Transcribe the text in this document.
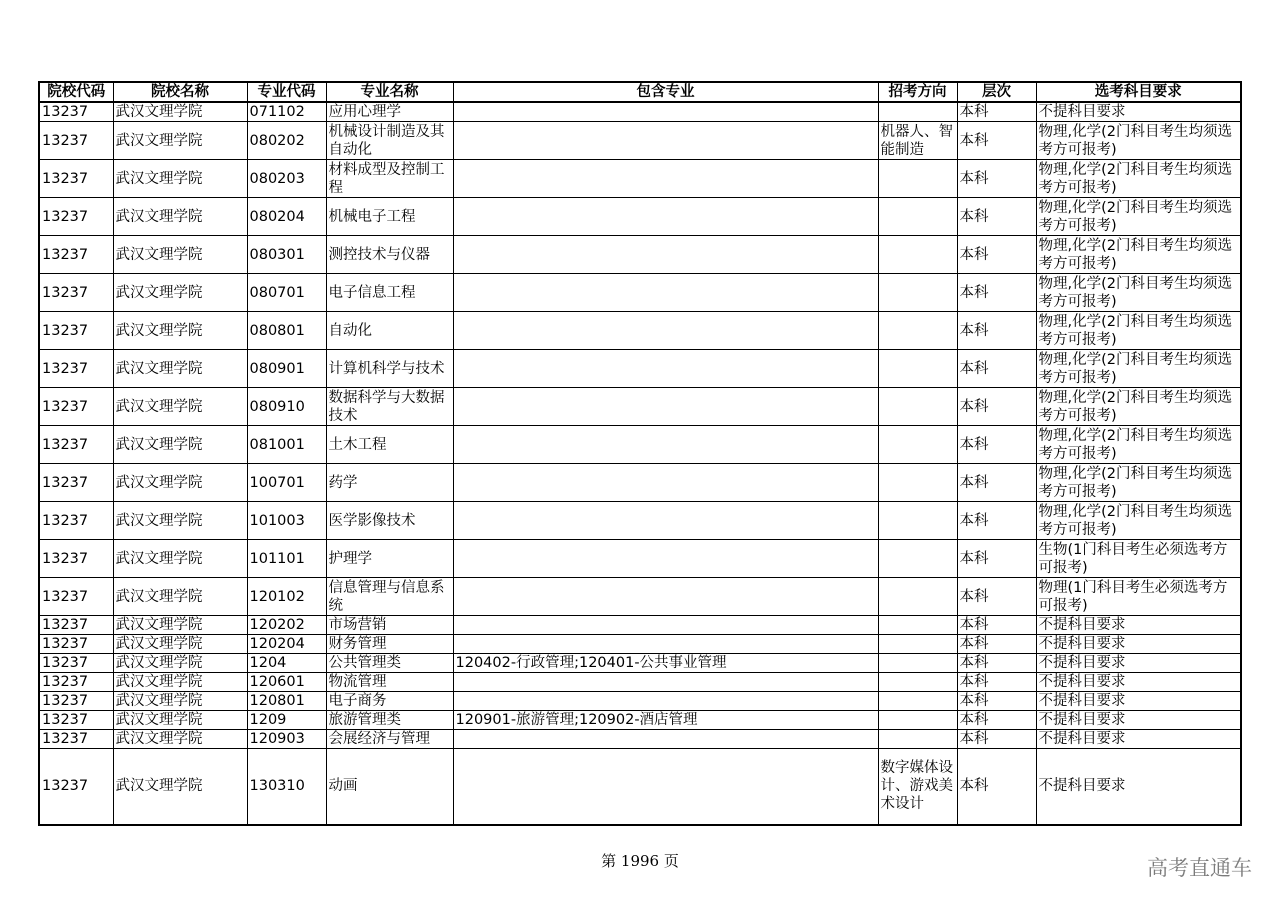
院校代码	院校名称	专业代码	专业名称	包含专业	招考方向	层次	选考科目要求
13237	武汉文理学院	071102	应用心理学			本科	不提科目要求
13237	武汉文理学院	080202	机械设计制造及其自动化		机器人、智能制造	本科	物理,化学(2门科目考生均须选考方可报考)
13237	武汉文理学院	080203	材料成型及控制工程			本科	物理,化学(2门科目考生均须选考方可报考)
13237	武汉文理学院	080204	机械电子工程			本科	物理,化学(2门科目考生均须选考方可报考)
13237	武汉文理学院	080301	测控技术与仪器			本科	物理,化学(2门科目考生均须选考方可报考)
13237	武汉文理学院	080701	电子信息工程			本科	物理,化学(2门科目考生均须选考方可报考)
13237	武汉文理学院	080801	自动化			本科	物理,化学(2门科目考生均须选考方可报考)
13237	武汉文理学院	080901	计算机科学与技术			本科	物理,化学(2门科目考生均须选考方可报考)
13237	武汉文理学院	080910	数据科学与大数据技术			本科	物理,化学(2门科目考生均须选考方可报考)
13237	武汉文理学院	081001	土木工程			本科	物理,化学(2门科目考生均须选考方可报考)
13237	武汉文理学院	100701	药学			本科	物理,化学(2门科目考生均须选考方可报考)
13237	武汉文理学院	101003	医学影像技术			本科	物理,化学(2门科目考生均须选考方可报考)
13237	武汉文理学院	101101	护理学			本科	生物(1门科目考生必须选考方可报考)
13237	武汉文理学院	120102	信息管理与信息系统			本科	物理(1门科目考生必须选考方可报考)
13237	武汉文理学院	120202	市场营销			本科	不提科目要求
13237	武汉文理学院	120204	财务管理			本科	不提科目要求
13237	武汉文理学院	1204	公共管理类	120402-行政管理;120401-公共事业管理		本科	不提科目要求
13237	武汉文理学院	120601	物流管理			本科	不提科目要求
13237	武汉文理学院	120801	电子商务			本科	不提科目要求
13237	武汉文理学院	1209	旅游管理类	120901-旅游管理;120902-酒店管理		本科	不提科目要求
13237	武汉文理学院	120903	会展经济与管理			本科	不提科目要求
13237	武汉文理学院	130310	动画		数字媒体设计、游戏美术设计	本科	不提科目要求
第 1996 页	高考直通车
